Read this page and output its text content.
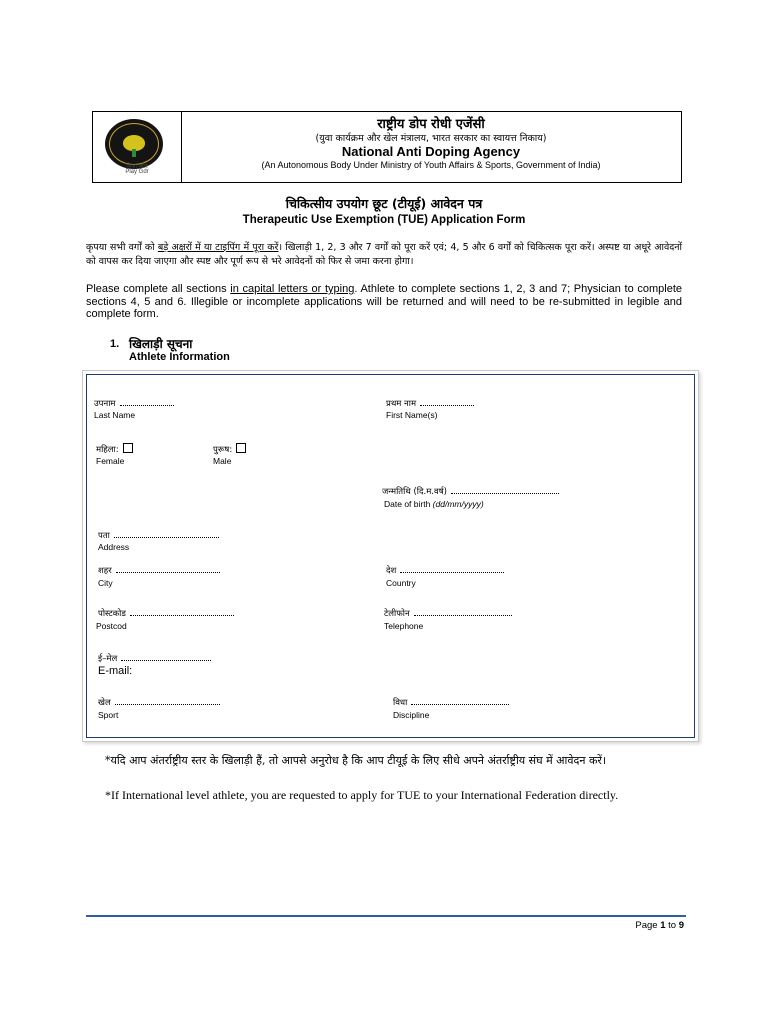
निजा खेल
Play Gdr
राष्ट्रीय डोप रोधी एजेंसी
(युवा कार्यक्रम और खेल मंत्रालय, भारत सरकार का स्वायत्त निकाय)
National Anti Doping Agency
(An Autonomous Body Under Ministry of Youth Affairs & Sports, Government of India)
चिकित्सीय उपयोग छूट (टीयूई) आवेदन पत्र
Therapeutic Use Exemption (TUE) Application Form
कृपया सभी वर्गों को बड़े अक्षरों में या टाइपिंग में पूरा करें। खिलाड़ी 1, 2, 3 और 7 वर्गों को पूरा करें एवं; 4, 5 और 6 वर्गों को चिकित्सक पूरा करें। अस्पष्ट या अधूरे आवेदनों को वापस कर दिया जाएगा और स्पष्ट और पूर्ण रूप से भरे आवेदनों को फिर से जमा करना होगा।
Please complete all sections in capital letters or typing. Athlete to complete sections 1, 2, 3 and 7; Physician to complete sections 4, 5 and 6. Illegible or incomplete applications will be returned and will need to be re-submitted in legible and complete form.
1. खिलाड़ी सूचना
Athlete Information
उपनाम
Last Name
प्रथम नाम
First Name(s)
महिला:
Female
पुरूष:
Male
जन्मतिथि (दि.म.वर्ष)
Date of birth (dd/mm/yyyy)
पता
Address
शहर
City
देश
Country
पोस्टकोड
Postcod
टेलीफोन
Telephone
ई–मेल
E-mail:
खेल
Sport
विधा
Discipline
*यदि आप अंतर्राष्ट्रीय स्तर के खिलाड़ी हैं, तो आपसे अनुरोध है कि आप टीयूई के लिए सीधे अपने अंतर्राष्ट्रीय संघ में आवेदन करें।
*If International level athlete, you are requested to apply for TUE to your International Federation directly.
Page 1 to 9
